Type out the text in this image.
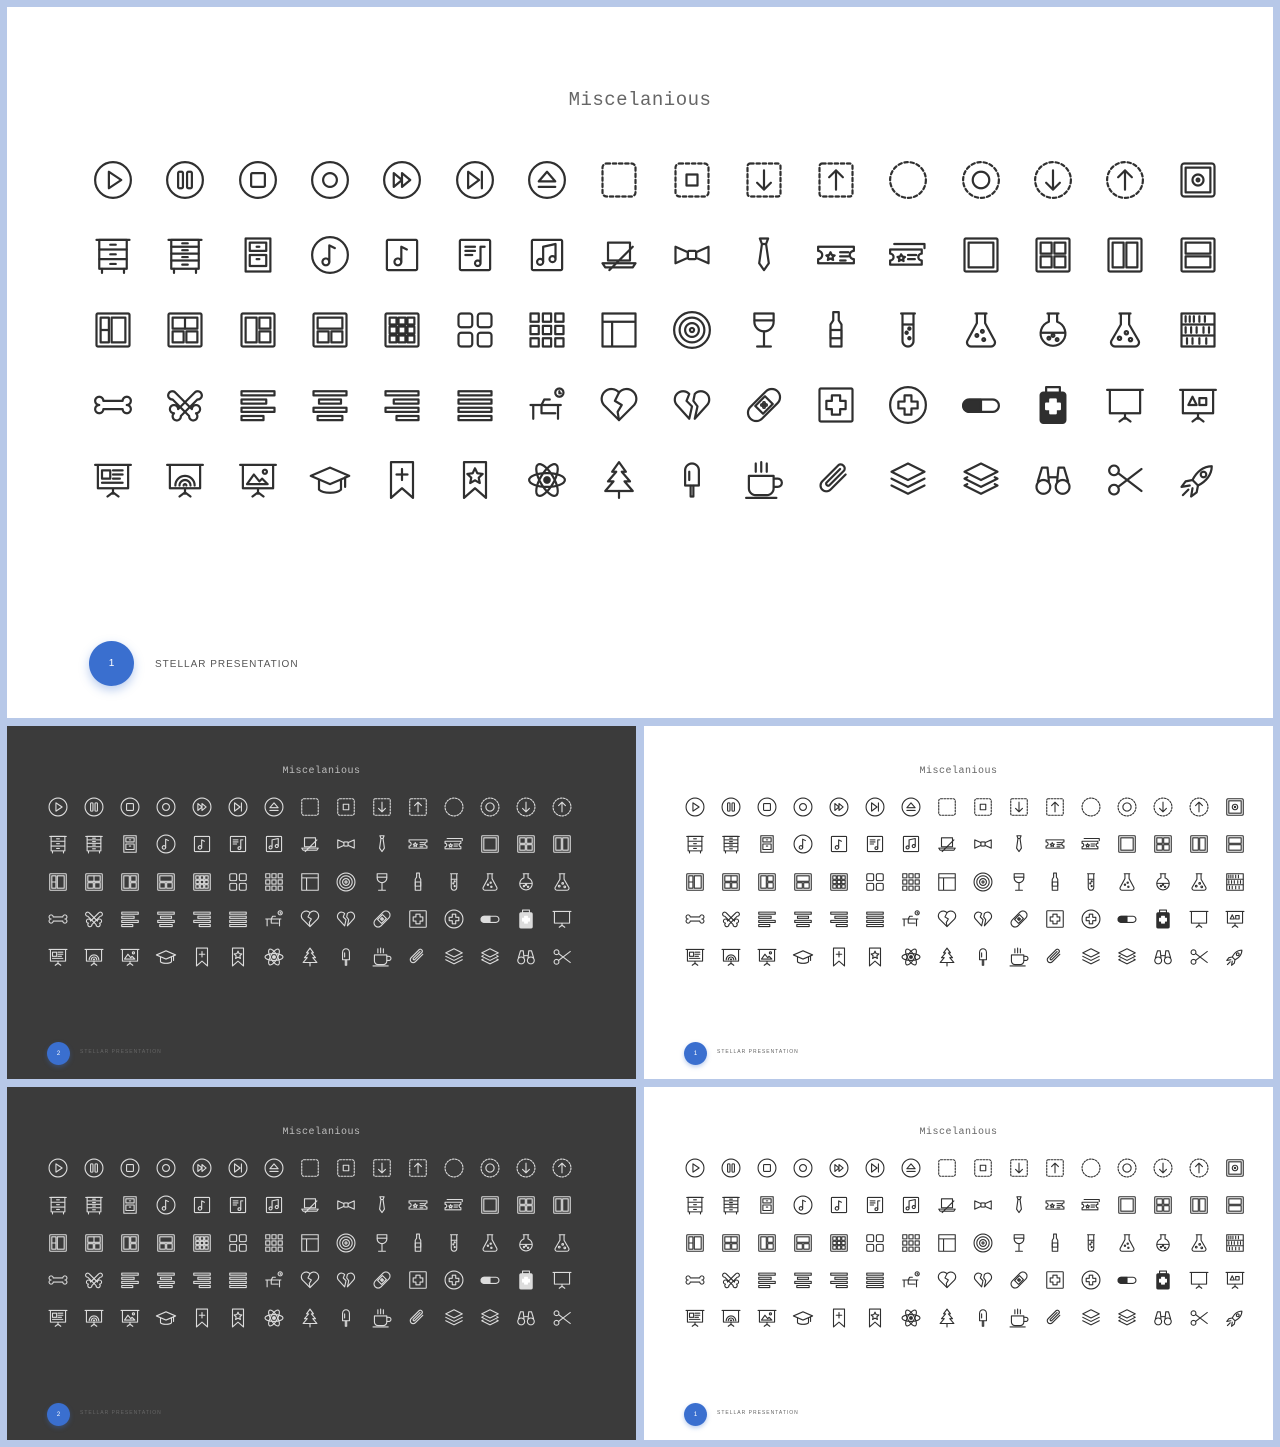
Miscelanious
1	STELLAR PRESENTATION
Miscelanious
2	STELLAR PRESENTATION
Miscelanious
1	STELLAR PRESENTATION
Miscelanious
2	STELLAR PRESENTATION
Miscelanious
1	STELLAR PRESENTATION
